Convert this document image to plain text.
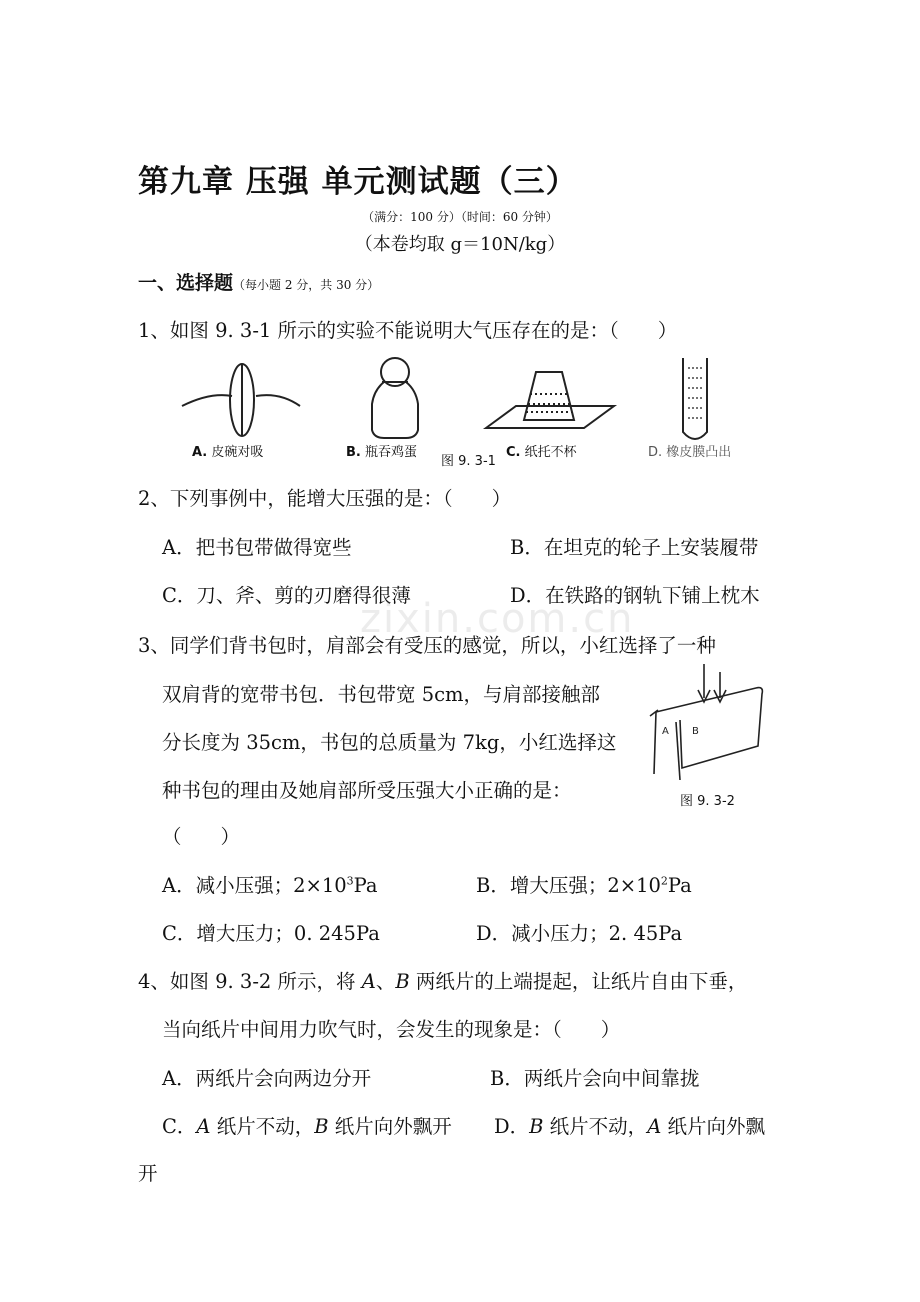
第九章 压强 单元测试题（三）
（满分：100 分）（时间：60 分钟）
（本卷均取 g＝10N/kg）
一、选择题（每小题 2 分，共 30 分）
1、如图 9. 3-1 所示的实验不能说明大气压存在的是：（　　）
A. 皮碗对吸	B. 瓶吞鸡蛋
图 9. 3-1
C. 纸托不杯	D. 橡皮膜凸出
2、下列事例中，能增大压强的是：（　　）
A．把书包带做得宽些	B．在坦克的轮子上安装履带
C．刀、斧、剪的刃磨得很薄	D．在铁路的钢轨下铺上枕木
zixin.com.cn
3、同学们背书包时，肩部会有受压的感觉，所以，小红选择了一种
双肩背的宽带书包．书包带宽 5cm，与肩部接触部
分长度为 35cm，书包的总质量为 7kg，小红选择这
种书包的理由及她肩部所受压强大小正确的是：
（　　）
A B
图 9. 3-2
A．减小压强；$2\times 10^3Pa$	B．增大压强；$2\times 10^2Pa$
C．增大压力；0. 245Pa	D．减小压力；2. 45Pa
4、如图 9. 3-2 所示，将 A、B 两纸片的上端提起，让纸片自由下垂，
当向纸片中间用力吹气时，会发生的现象是：（　　）
A．两纸片会向两边分开	B．两纸片会向中间靠拢
C．A 纸片不动，B 纸片向外飘开 D．B 纸片不动，A 纸片向外飘
开
